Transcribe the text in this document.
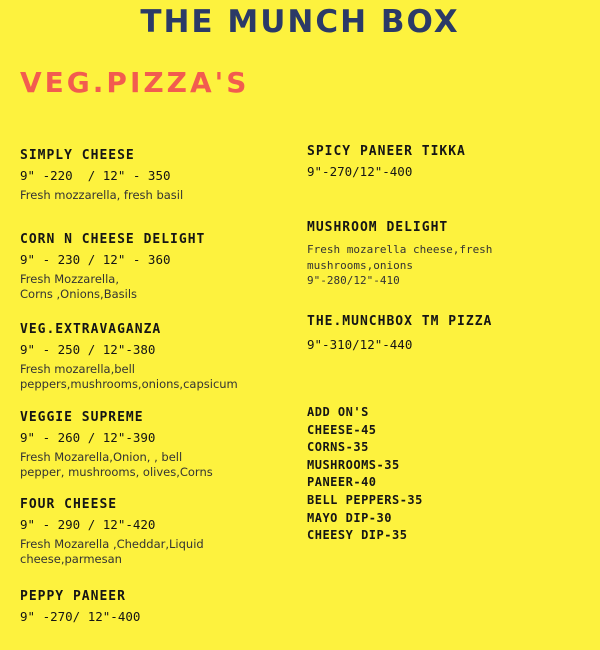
THE MUNCH BOX
VEG.PIZZA'S
SIMPLY CHEESE
9" -220  / 12" - 350
Fresh mozzarella, fresh basil
CORN N CHEESE DELIGHT
9" - 230 / 12" - 360
Fresh Mozzarella,
Corns ,Onions,Basils
VEG.EXTRAVAGANZA
9" - 250 / 12"-380
Fresh mozarella,bell
peppers,mushrooms,onions,capsicum
VEGGIE SUPREME
9" - 260 / 12"-390
Fresh Mozarella,Onion, , bell
pepper, mushrooms, olives,Corns
FOUR CHEESE
9" - 290 / 12"-420
Fresh Mozarella ,Cheddar,Liquid
cheese,parmesan
PEPPY PANEER
9" -270/ 12"-400
SPICY PANEER TIKKA
9"-270/12"-400
MUSHROOM DELIGHT
Fresh mozarella cheese,fresh
mushrooms,onions
9"-280/12"-410
THE.MUNCHBOX TM PIZZA
9"-310/12"-440
ADD ON'S
CHEESE-45
CORNS-35
MUSHROOMS-35
PANEER-40
BELL PEPPERS-35
MAYO DIP-30
CHEESY DIP-35
